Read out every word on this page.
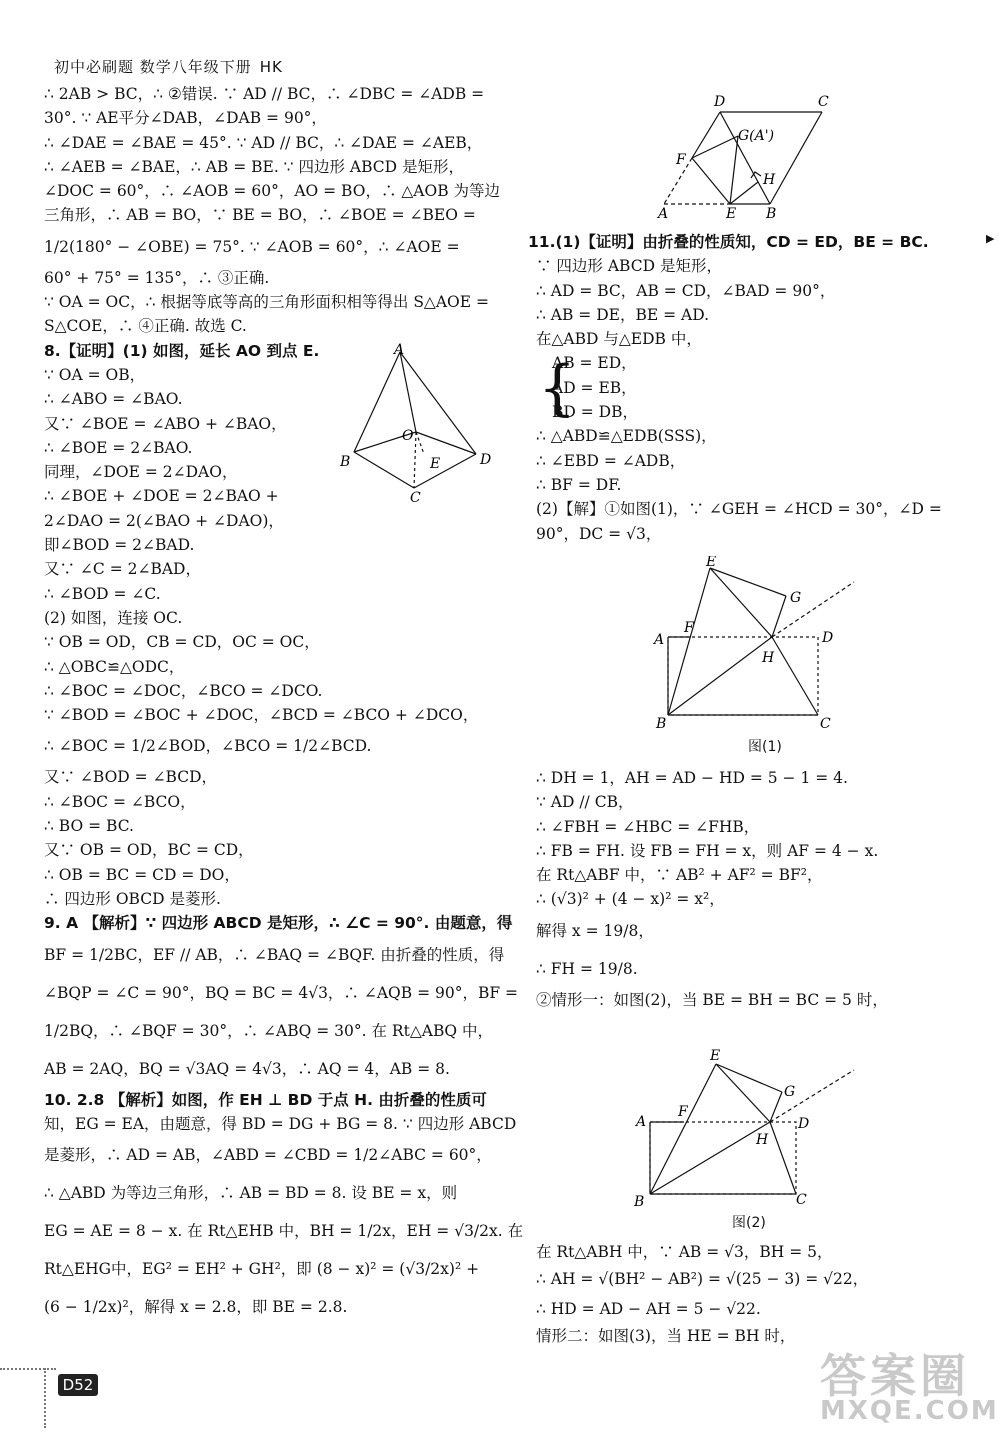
初中必刷题 数学八年级下册 HK

∴ 2AB > BC，∴ ②错误. ∵ AD // BC，∴ ∠DBC = ∠ADB =

30°. ∵ AE平分∠DAB，∠DAB = 90°，

∴ ∠DAE = ∠BAE = 45°. ∵ AD // BC，∴ ∠DAE = ∠AEB，

∴ ∠AEB = ∠BAE，∴ AB = BE. ∵ 四边形 ABCD 是矩形，

∠DOC = 60°，∴ ∠AOB = 60°，AO = BO，∴ △AOB 为等边

三角形，∴ AB = BO，∵ BE = BO，∴ ∠BOE = ∠BEO =

1/2(180° − ∠OBE) = 75°. ∵ ∠AOB = 60°，∴ ∠AOE =

60° + 75° = 135°，∴ ③正确.

∵ OA = OC，∴ 根据等底等高的三角形面积相等得出 S△AOE =

S△COE，∴ ④正确. 故选 C.

8.【证明】(1) 如图，延长 AO 到点 E.

∵ OA = OB，

∴ ∠ABO = ∠BAO.

又∵ ∠BOE = ∠ABO + ∠BAO，

∴ ∠BOE = 2∠BAO.

同理，∠DOE = 2∠DAO，

∴ ∠BOE + ∠DOE = 2∠BAO +

2∠DAO = 2(∠BAO + ∠DAO)，

即∠BOD = 2∠BAD.

又∵ ∠C = 2∠BAD，

∴ ∠BOD = ∠C.

(2) 如图，连接 OC.

∵ OB = OD，CB = CD，OC = OC，

∴ △OBC≌△ODC，

∴ ∠BOC = ∠DOC，∠BCO = ∠DCO.

∵ ∠BOD = ∠BOC + ∠DOC，∠BCD = ∠BCO + ∠DCO，

∴ ∠BOC = 1/2∠BOD，∠BCO = 1/2∠BCD.

又∵ ∠BOD = ∠BCD，

∴ ∠BOC = ∠BCO，

∴ BO = BC.

又∵ OB = OD，BC = CD，

∴ OB = BC = CD = DO，

∴ 四边形 OBCD 是菱形.

9. A 【解析】∵ 四边形 ABCD 是矩形，∴ ∠C = 90°. 由题意，得

BF = 1/2BC，EF // AB，∴ ∠BAQ = ∠BQF. 由折叠的性质，得

∠BQP = ∠C = 90°，BQ = BC = 4√3，∴ ∠AQB = 90°，BF =

1/2BQ，∴ ∠BQF = 30°，∴ ∠ABQ = 30°. 在 Rt△ABQ 中，

AB = 2AQ，BQ = √3AQ = 4√3，∴ AQ = 4，AB = 8.

10. 2.8 【解析】如图，作 EH ⊥ BD 于点 H. 由折叠的性质可

知，EG = EA，由题意，得 BD = DG + BG = 8. ∵ 四边形 ABCD

是菱形，∴ AD = AB，∠ABD = ∠CBD = 1/2∠ABC = 60°，

∴ △ABD 为等边三角形，∴ AB = BD = 8. 设 BE = x，则

EG = AE = 8 − x. 在 Rt△EHB 中，BH = 1/2x，EH = √3/2x. 在

Rt△EHG中，EG² = EH² + GH²，即 (8 − x)² = (√3/2x)² +

(6 − 1/2x)²，解得 x = 2.8，即 BE = 2.8.

A
O
E
B	D
C
D	C
G(A')
F
H
A	E B

11.(1)【证明】由折叠的性质知，CD = ED，BE = BC.

∵ 四边形 ABCD 是矩形，

∴ AD = BC，AB = CD，∠BAD = 90°，

∴ AB = DE，BE = AD.

在△ABD 与△EDB 中，

{

AB = ED，

AD = EB，

BD = DB，

∴ △ABD≌△EDB(SSS)，

∴ ∠EBD = ∠ADB，

∴ BF = DF.

(2)【解】①如图(1)，∵ ∠GEH = ∠HCD = 30°，∠D =

90°，DC = √3，

E
G
A
F
D
H
B	C
图(1)

∴ DH = 1，AH = AD − HD = 5 − 1 = 4.

∵ AD // CB，

∴ ∠FBH = ∠HBC = ∠FHB，

∴ FB = FH. 设 FB = FH = x，则 AF = 4 − x.

在 Rt△ABF 中，∵ AB² + AF² = BF²，

∴ (√3)² + (4 − x)² = x²，

解得 x = 19/8，

∴ FH = 19/8.

②情形一：如图(2)，当 BE = BH = BC = 5 时，

E
G
A
F
D
H
B	C
图(2)

在 Rt△ABH 中，∵ AB = √3，BH = 5，

∴ AH = √(BH² − AB²) = √(25 − 3) = √22，

∴ HD = AD − AH = 5 − √22.

情形二：如图(3)，当 HE = BH 时，

▶
D52	答案圈
MXQE.COM
